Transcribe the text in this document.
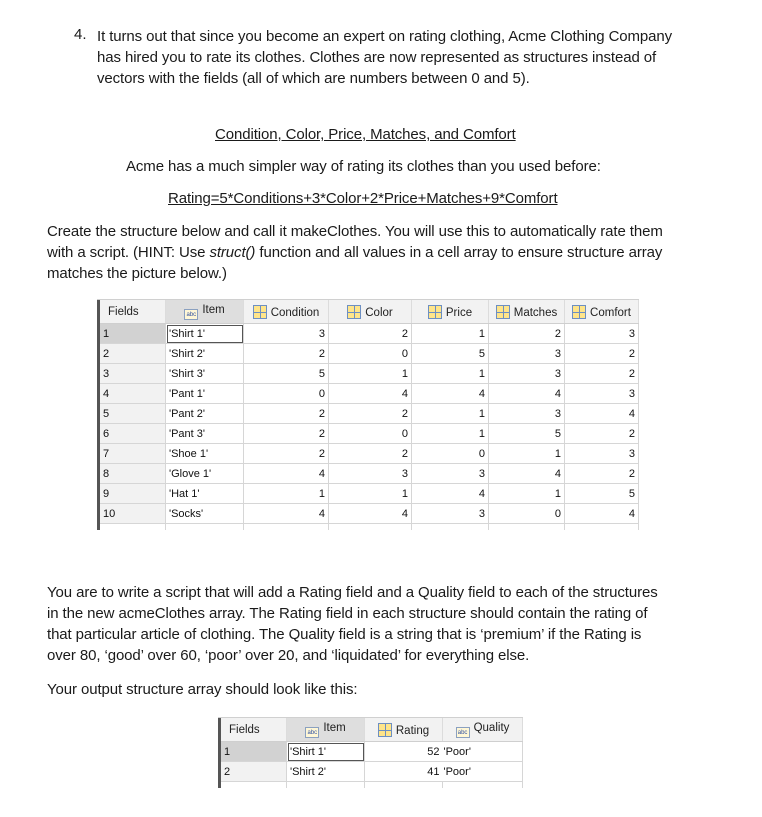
4. It turns out that since you become an expert on rating clothing, Acme Clothing Company
has hired you to rate its clothes. Clothes are now represented as structures instead of
vectors with the fields (all of which are numbers between 0 and 5).
Condition, Color, Price, Matches, and Comfort
Acme has a much simpler way of rating its clothes than you used before:
Rating=5*Conditions+3*Color+2*Price+Matches+9*Comfort
Create the structure below and call it makeClothes. You will use this to automatically rate them
with a script. (HINT: Use struct() function and all values in a cell array to ensure structure array
matches the picture below.)
Fields	abc Item	Condition	Color	Price	Matches	Comfort
1	'Shirt 1'	3	2	1	2	3
2	'Shirt 2'	2	0	5	3	2
3	'Shirt 3'	5	1	1	3	2
4	'Pant 1'	0	4	4	4	3
5	'Pant 2'	2	2	1	3	4
6	'Pant 3'	2	0	1	5	2
7	'Shoe 1'	2	2	0	1	3
8	'Glove 1'	4	3	3	4	2
9	'Hat 1'	1	1	4	1	5
10	'Socks'	4	4	3	0	4

You are to write a script that will add a Rating field and a Quality field to each of the structures
in the new acmeClothes array. The Rating field in each structure should contain the rating of
that particular article of clothing. The Quality field is a string that is ‘premium’ if the Rating is
over 80, ‘good’ over 60, ‘poor’ over 20, and ‘liquidated’ for everything else.
Your output structure array should look like this:
Fields	abc Item	Rating	abc Quality
1	'Shirt 1'	52	'Poor'
2	'Shirt 2'	41	'Poor'
